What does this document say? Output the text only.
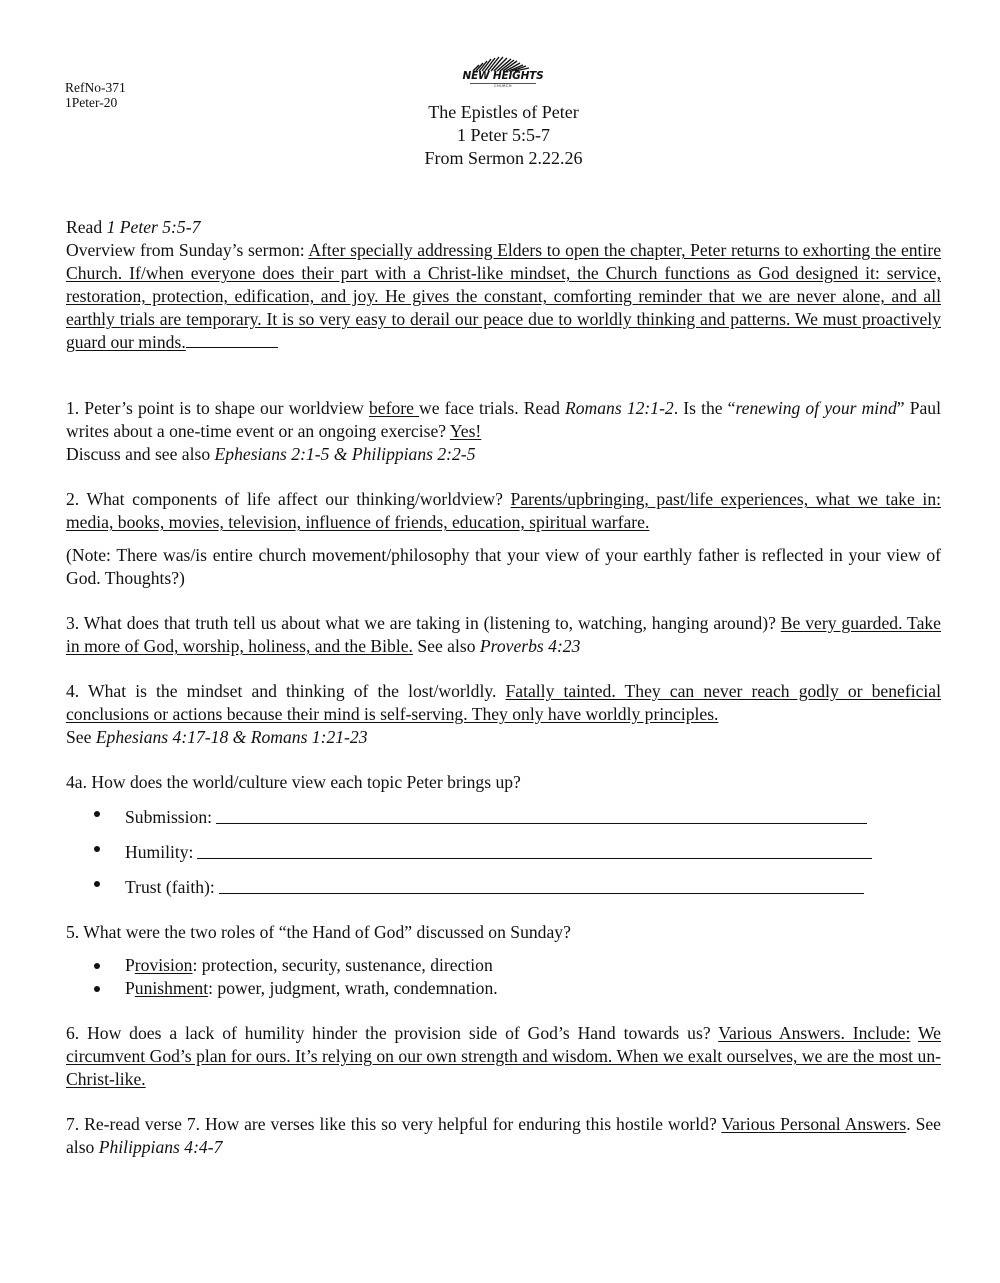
RefNo-371
1Peter-20
NEW HEIGHTS
CHURCH
The Epistles of Peter
1 Peter 5:5-7
From Sermon 2.22.26

Read 1 Peter 5:5-7

Overview from Sunday’s sermon: After specially addressing Elders to open the chapter, Peter returns to exhorting the entire Church. If/when everyone does their part with a Christ-like mindset, the Church functions as God designed it: service, restoration, protection, edification, and joy. He gives the constant, comforting reminder that we are never alone, and all earthly trials are temporary. It is so very easy to derail our peace due to worldly thinking and patterns. We must proactively guard our minds.

1. Peter’s point is to shape our worldview before we face trials. Read Romans 12:1-2. Is the “renewing of your mind” Paul writes about a one-time event or an ongoing exercise? Yes!

Discuss and see also Ephesians 2:1-5 & Philippians 2:2-5

2. What components of life affect our thinking/worldview? Parents/upbringing, past/life experiences, what we take in: media, books, movies, television, influence of friends, education, spiritual warfare.

(Note: There was/is entire church movement/philosophy that your view of your earthly father is reflected in your view of God. Thoughts?)

3. What does that truth tell us about what we are taking in (listening to, watching, hanging around)? Be very guarded. Take in more of God, worship, holiness, and the Bible. See also Proverbs 4:23

4. What is the mindset and thinking of the lost/worldly. Fatally tainted. They can never reach godly or beneficial conclusions or actions because their mind is self-serving. They only have worldly principles.

See Ephesians 4:17-18 & Romans 1:21-23

4a. How does the world/culture view each topic Peter brings up?

Submission:
Humility:
Trust (faith):

5. What were the two roles of “the Hand of God” discussed on Sunday?

Provision: protection, security, sustenance, direction
Punishment: power, judgment, wrath, condemnation.

6. How does a lack of humility hinder the provision side of God’s Hand towards us? Various Answers. Include: We circumvent God’s plan for ours. It’s relying on our own strength and wisdom. When we exalt ourselves, we are the most un-Christ-like.

7. Re-read verse 7. How are verses like this so very helpful for enduring this hostile world? Various Personal Answers. See also Philippians 4:4-7
